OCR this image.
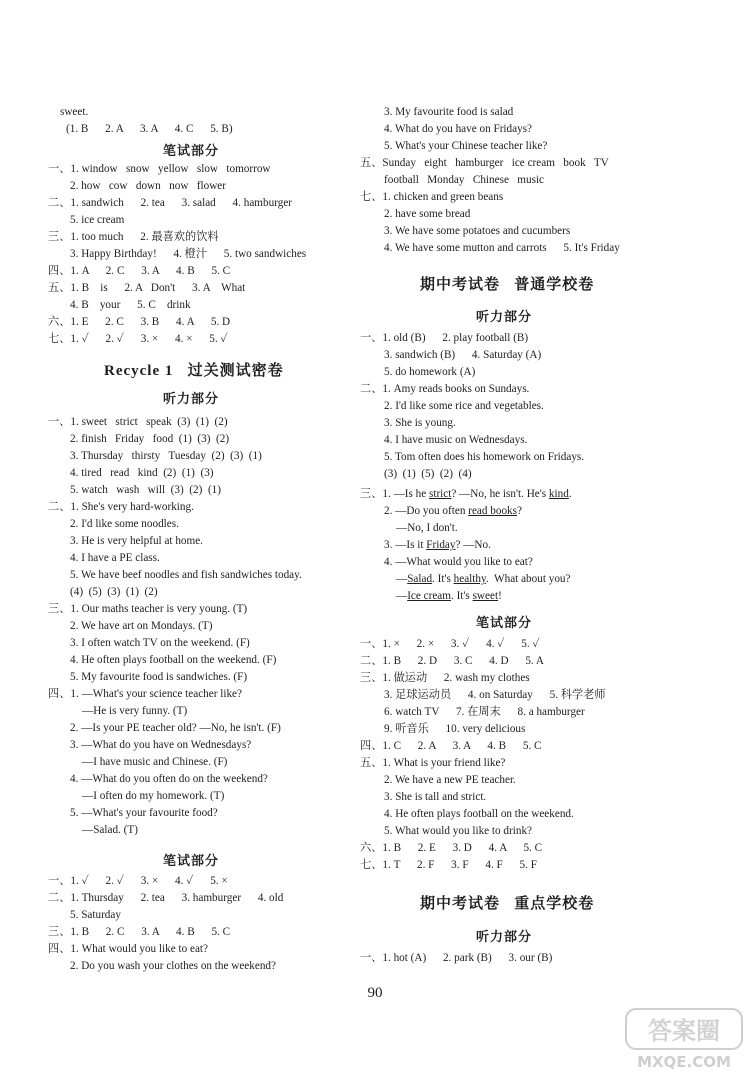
笔试部分
Recycle 1   过关测试密卷
听力部分
笔试部分
期中考试卷   普通学校卷
听力部分
三、1. —Is he strict? —No, he isn't. He's kind.
2. —Do you often read books?
—No, I don't.
3. —Is it Friday? —No.
4. —What would you like to eat?
—Salad. It's healthy.  What about you?
—Ice cream. It's sweet!
笔试部分
期中考试卷   重点学校卷
听力部分
一、1. hot (A)      2. park (B)      3. our (B)
90
答案圈
MXQE.COM
sweet.
(1. B      2. A      3. A      4. C      5. B)
一、1. window   snow   yellow   slow   tomorrow
2. how   cow   down   now   flower
二、1. sandwich      2. tea      3. salad      4. hamburger
5. ice cream
三、1. too much      2. 最喜欢的饮料
3. Happy Birthday!      4. 橙汁      5. two sandwiches
四、1. A      2. C      3. A      4. B      5. C
五、1. B    is      2. A   Don't      3. A    What
4. B    your      5. C    drink
六、1. E      2. C      3. B      4. A      5. D
七、1. ✓      2. ✓      3. ×      4. ×      5. ✓
一、1. sweet   strict   speak  (3)  (1)  (2)
2. finish   Friday   food  (1)  (3)  (2)
3. Thursday   thirsty   Tuesday  (2)  (3)  (1)
4. tired   read   kind  (2)  (1)  (3)
5. watch   wash   will  (3)  (2)  (1)
二、1. She's very hard-working.
2. I'd like some noodles.
3. He is very helpful at home.
4. I have a PE class.
5. We have beef noodles and fish sandwiches today.
(4)  (5)  (3)  (1)  (2)
三、1. Our maths teacher is very young. (T)
2. We have art on Mondays. (T)
3. I often watch TV on the weekend. (F)
4. He often plays football on the weekend. (F)
5. My favourite food is sandwiches. (F)
四、1. —What's your science teacher like?
—He is very funny. (T)
2. —Is your PE teacher old? —No, he isn't. (F)
3. —What do you have on Wednesdays?
—I have music and Chinese. (F)
4. —What do you often do on the weekend?
—I often do my homework. (T)
5. —What's your favourite food?
—Salad. (T)
一、1. ✓      2. ✓      3. ×      4. ✓      5. ×
二、1. Thursday      2. tea      3. hamburger      4. old
5. Saturday
三、1. B      2. C      3. A      4. B      5. C
四、1. What would you like to eat?
2. Do you wash your clothes on the weekend?
3. My favourite food is salad
4. What do you have on Fridays?
5. What's your Chinese teacher like?
五、Sunday   eight   hamburger   ice cream   book   TV
football   Monday   Chinese   music
七、1. chicken and green beans
2. have some bread
3. We have some potatoes and cucumbers
4. We have some mutton and carrots      5. It's Friday
一、1. old (B)      2. play football (B)
3. sandwich (B)      4. Saturday (A)
5. do homework (A)
二、1. Amy reads books on Sundays.
2. I'd like some rice and vegetables.
3. She is young.
4. I have music on Wednesdays.
5. Tom often does his homework on Fridays.
(3)  (1)  (5)  (2)  (4)
一、1. ×      2. ×      3. ✓      4. ✓      5. ✓
二、1. B      2. D      3. C      4. D      5. A
三、1. 做运动      2. wash my clothes
3. 足球运动员      4. on Saturday      5. 科学老师
6. watch TV      7. 在周末      8. a hamburger
9. 听音乐      10. very delicious
四、1. C      2. A      3. A      4. B      5. C
五、1. What is your friend like?
2. We have a new PE teacher.
3. She is tall and strict.
4. He often plays football on the weekend.
5. What would you like to drink?
六、1. B      2. E      3. D      4. A      5. C
七、1. T      2. F      3. F      4. F      5. F
